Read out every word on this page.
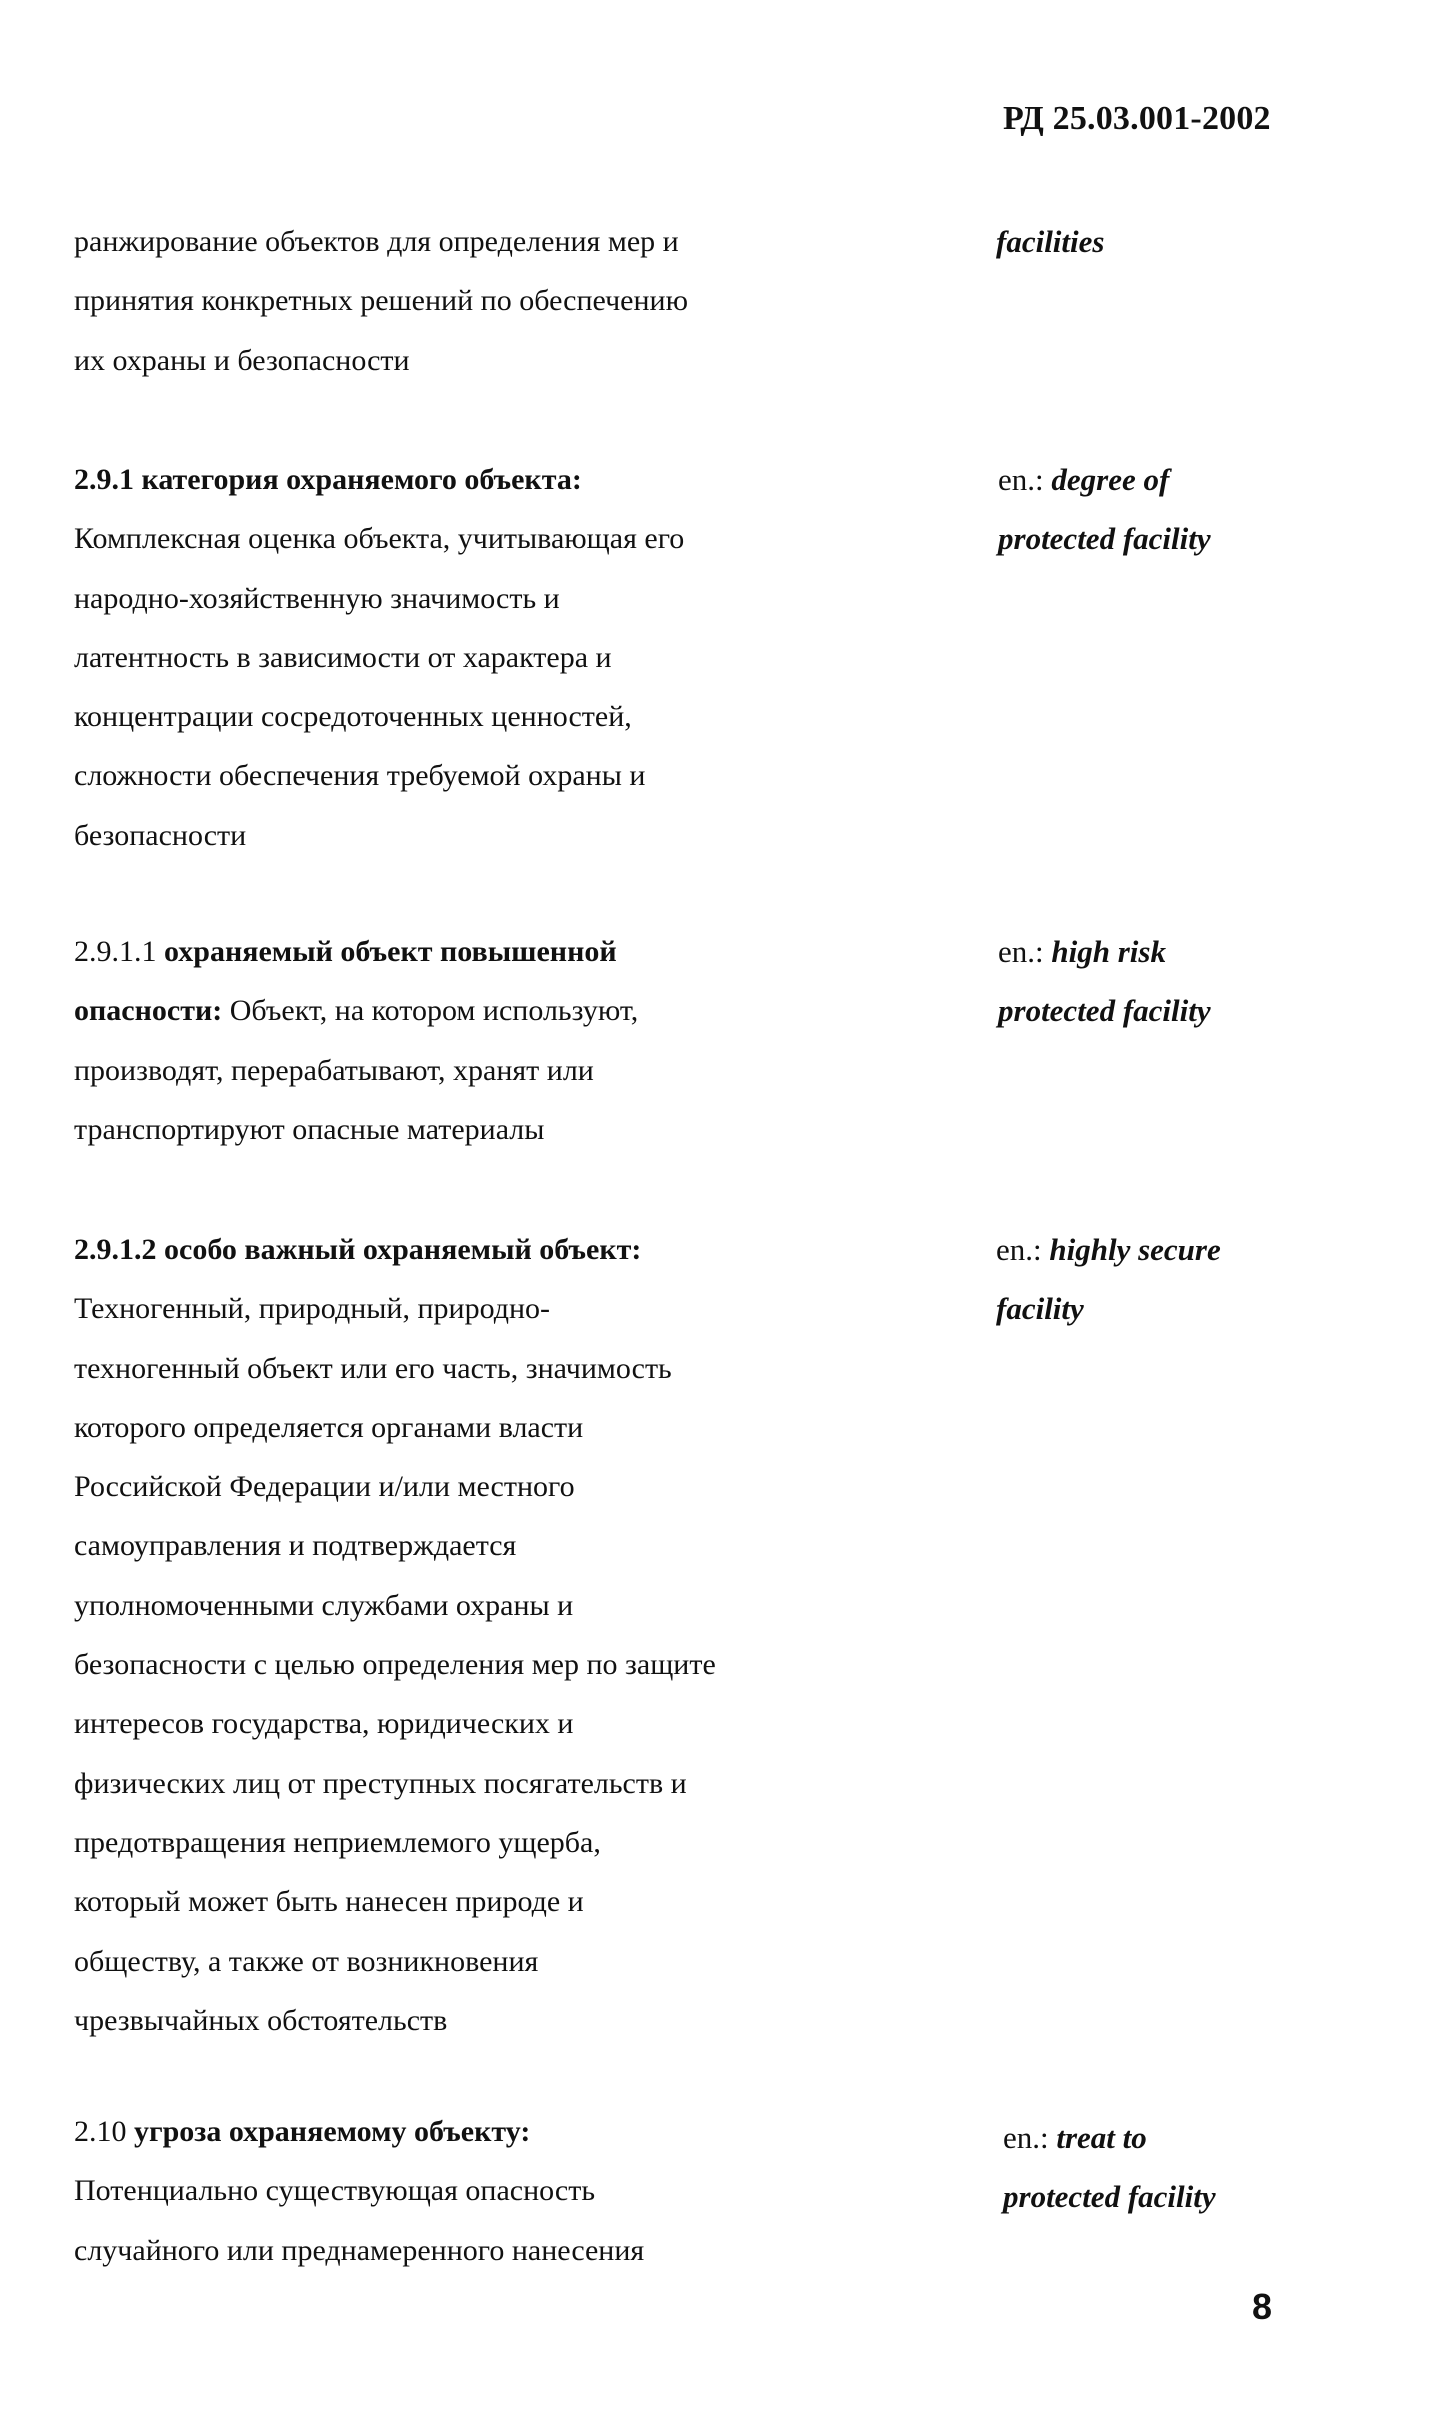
РД 25.03.001-2002
ранжирование объектов для определения мер и
принятия конкретных решений по обеспечению
их охраны и безопасности
facilities
2.9.1 категория охраняемого объекта:
Комплексная оценка объекта, учитывающая его
народно-хозяйственную значимость и
латентность в зависимости от характера и
концентрации сосредоточенных ценностей,
сложности обеспечения требуемой охраны и
безопасности
en.: degree of
protected facility
2.9.1.1 охраняемый объект повышенной
опасности: Объект, на котором используют,
производят, перерабатывают, хранят или
транспортируют опасные материалы
en.: high risk
protected facility
2.9.1.2 особо важный охраняемый объект:
Техногенный, природный, природно-
техногенный объект или его часть, значимость
которого определяется органами власти
Российской Федерации и/или местного
самоуправления и подтверждается
уполномоченными службами охраны и
безопасности с целью определения мер по защите
интересов государства, юридических и
физических лиц от преступных посягательств и
предотвращения неприемлемого ущерба,
который может быть нанесен природе и
обществу, а также от возникновения
чрезвычайных обстоятельств
en.: highly secure
facility
2.10 угроза охраняемому объекту:
Потенциально существующая опасность
случайного или преднамеренного нанесения
en.: treat to
protected facility
8
